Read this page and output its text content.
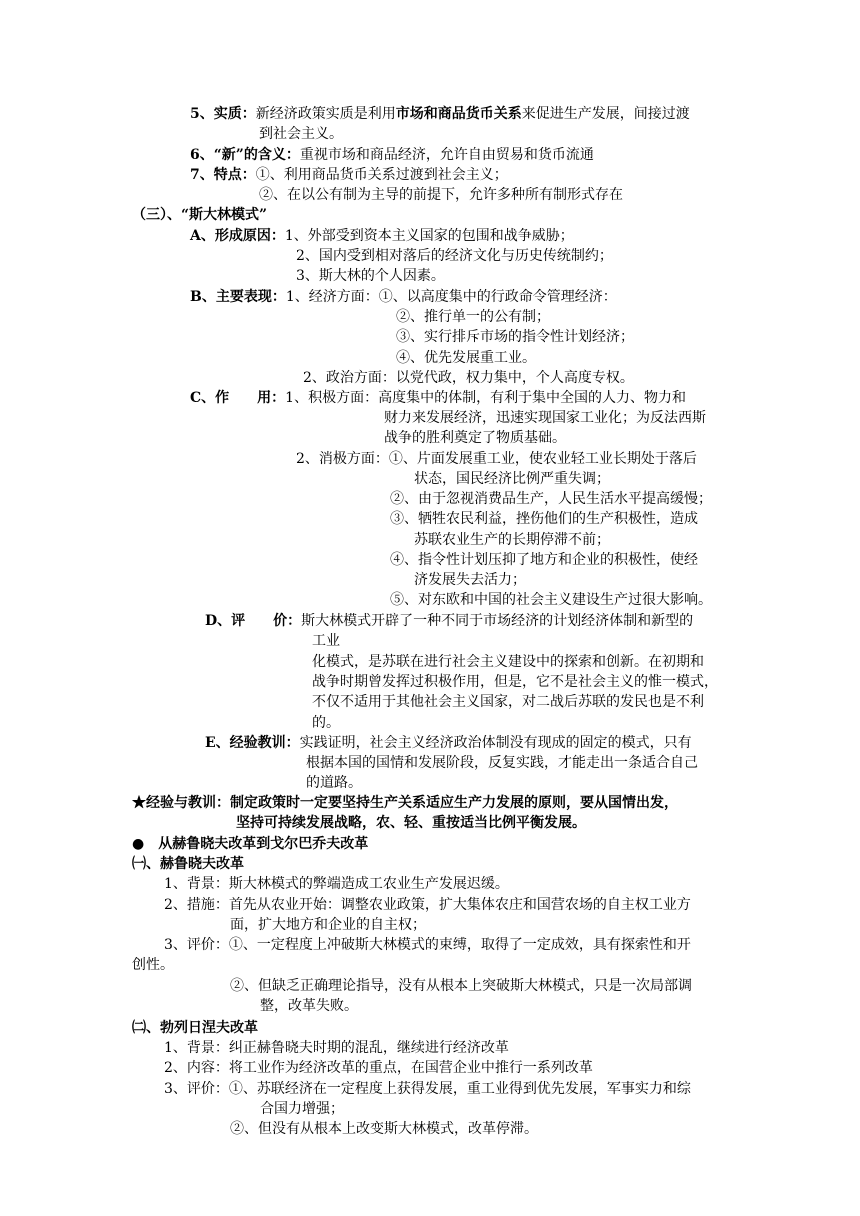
5、实质：新经济政策实质是利用市场和商品货币关系来促进生产发展，间接过渡
到社会主义。
6、“新”的含义：重视市场和商品经济，允许自由贸易和货币流通
7、特点：①、利用商品货币关系过渡到社会主义；
②、在以公有制为主导的前提下，允许多种所有制形式存在
（三）、“斯大林模式”
A、形成原因：1、外部受到资本主义国家的包围和战争威胁；
2、国内受到相对落后的经济文化与历史传统制约；
3、斯大林的个人因素。
B、主要表现：1、经济方面：①、以高度集中的行政命令管理经济：
②、推行单一的公有制；
③、实行排斥市场的指令性计划经济；
④、优先发展重工业。
2、政治方面：以党代政，权力集中，个人高度专权。
C、作　　用：1、积极方面：高度集中的体制，有利于集中全国的人力、物力和
财力来发展经济，迅速实现国家工业化；为反法西斯
战争的胜利奠定了物质基础。
2、消极方面：①、片面发展重工业，使农业轻工业长期处于落后
状态，国民经济比例严重失调；
②、由于忽视消费品生产，人民生活水平提高缓慢；
③、牺牲农民利益，挫伤他们的生产积极性，造成
苏联农业生产的长期停滞不前；
④、指令性计划压抑了地方和企业的积极性，使经
济发展失去活力；
⑤、对东欧和中国的社会主义建设生产过很大影响。
D、评　　价：斯大林模式开辟了一种不同于市场经济的计划经济体制和新型的
工业
化模式，是苏联在进行社会主义建设中的探索和创新。在初期和
战争时期曾发挥过积极作用，但是，它不是社会主义的惟一模式，
不仅不适用于其他社会主义国家，对二战后苏联的发民也是不利
的。
E、经验教训：实践证明，社会主义经济政治体制没有现成的固定的模式，只有
根据本国的国情和发展阶段，反复实践，才能走出一条适合自己
的道路。
★经验与教训：制定政策时一定要坚持生产关系适应生产力发展的原则，要从国情出发，
坚持可持续发展战略，农、轻、重按适当比例平衡发展。
●　从赫鲁晓夫改革到戈尔巴乔夫改革
㈠、赫鲁晓夫改革
1、背景：斯大林模式的弊端造成工农业生产发展迟缓。
2、措施：首先从农业开始：调整农业政策，扩大集体农庄和国营农场的自主权工业方
面，扩大地方和企业的自主权；
3、评价：①、一定程度上冲破斯大林模式的束缚，取得了一定成效，具有探索性和开
创性。
②、但缺乏正确理论指导，没有从根本上突破斯大林模式，只是一次局部调
整，改革失败。
㈡、勃列日涅夫改革
1、背景：纠正赫鲁晓夫时期的混乱，继续进行经济改革
2、内容：将工业作为经济改革的重点，在国营企业中推行一系列改革
3、评价：①、苏联经济在一定程度上获得发展，重工业得到优先发展，军事实力和综
合国力增强；
②、但没有从根本上改变斯大林模式，改革停滞。
